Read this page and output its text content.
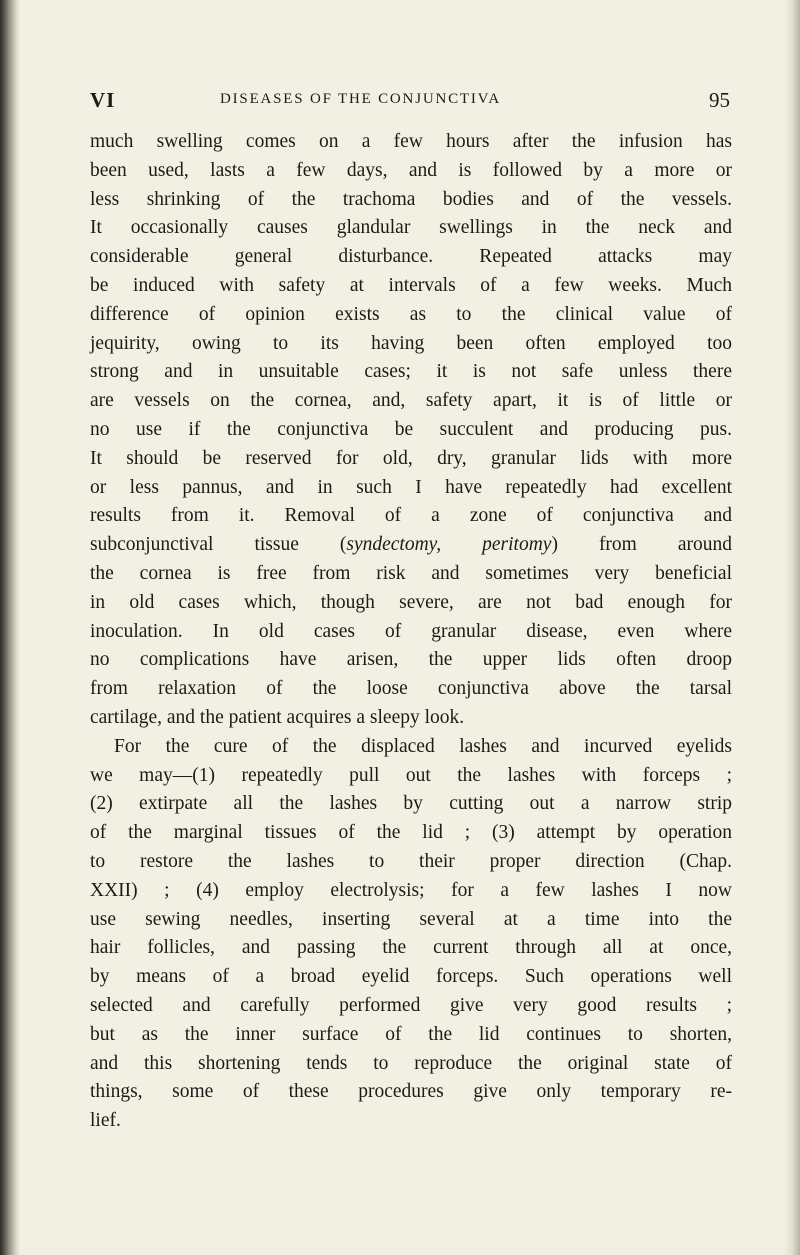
VI	DISEASES OF THE CONJUNCTIVA	95
much swelling comes on a few hours after the infusion has
been used, lasts a few days, and is followed by a more or
less shrinking of the trachoma bodies and of the vessels.
It occasionally causes glandular swellings in the neck and
considerable general disturbance. Repeated attacks may
be induced with safety at intervals of a few weeks. Much
difference of opinion exists as to the clinical value of
jequirity, owing to its having been often employed too
strong and in unsuitable cases; it is not safe unless there
are vessels on the cornea, and, safety apart, it is of little or
no use if the conjunctiva be succulent and producing pus.
It should be reserved for old, dry, granular lids with more
or less pannus, and in such I have repeatedly had excellent
results from it. Removal of a zone of conjunctiva and
subconjunctival tissue (syndectomy, peritomy) from around
the cornea is free from risk and sometimes very beneficial
in old cases which, though severe, are not bad enough for
inoculation. In old cases of granular disease, even where
no complications have arisen, the upper lids often droop
from relaxation of the loose conjunctiva above the tarsal
cartilage, and the patient acquires a sleepy look.
For the cure of the displaced lashes and incurved eyelids
we may—(1) repeatedly pull out the lashes with forceps ;
(2) extirpate all the lashes by cutting out a narrow strip
of the marginal tissues of the lid ; (3) attempt by operation
to restore the lashes to their proper direction (Chap.
XXII) ; (4) employ electrolysis; for a few lashes I now
use sewing needles, inserting several at a time into the
hair follicles, and passing the current through all at once,
by means of a broad eyelid forceps. Such operations well
selected and carefully performed give very good results ;
but as the inner surface of the lid continues to shorten,
and this shortening tends to reproduce the original state of
things, some of these procedures give only temporary re-
lief.
